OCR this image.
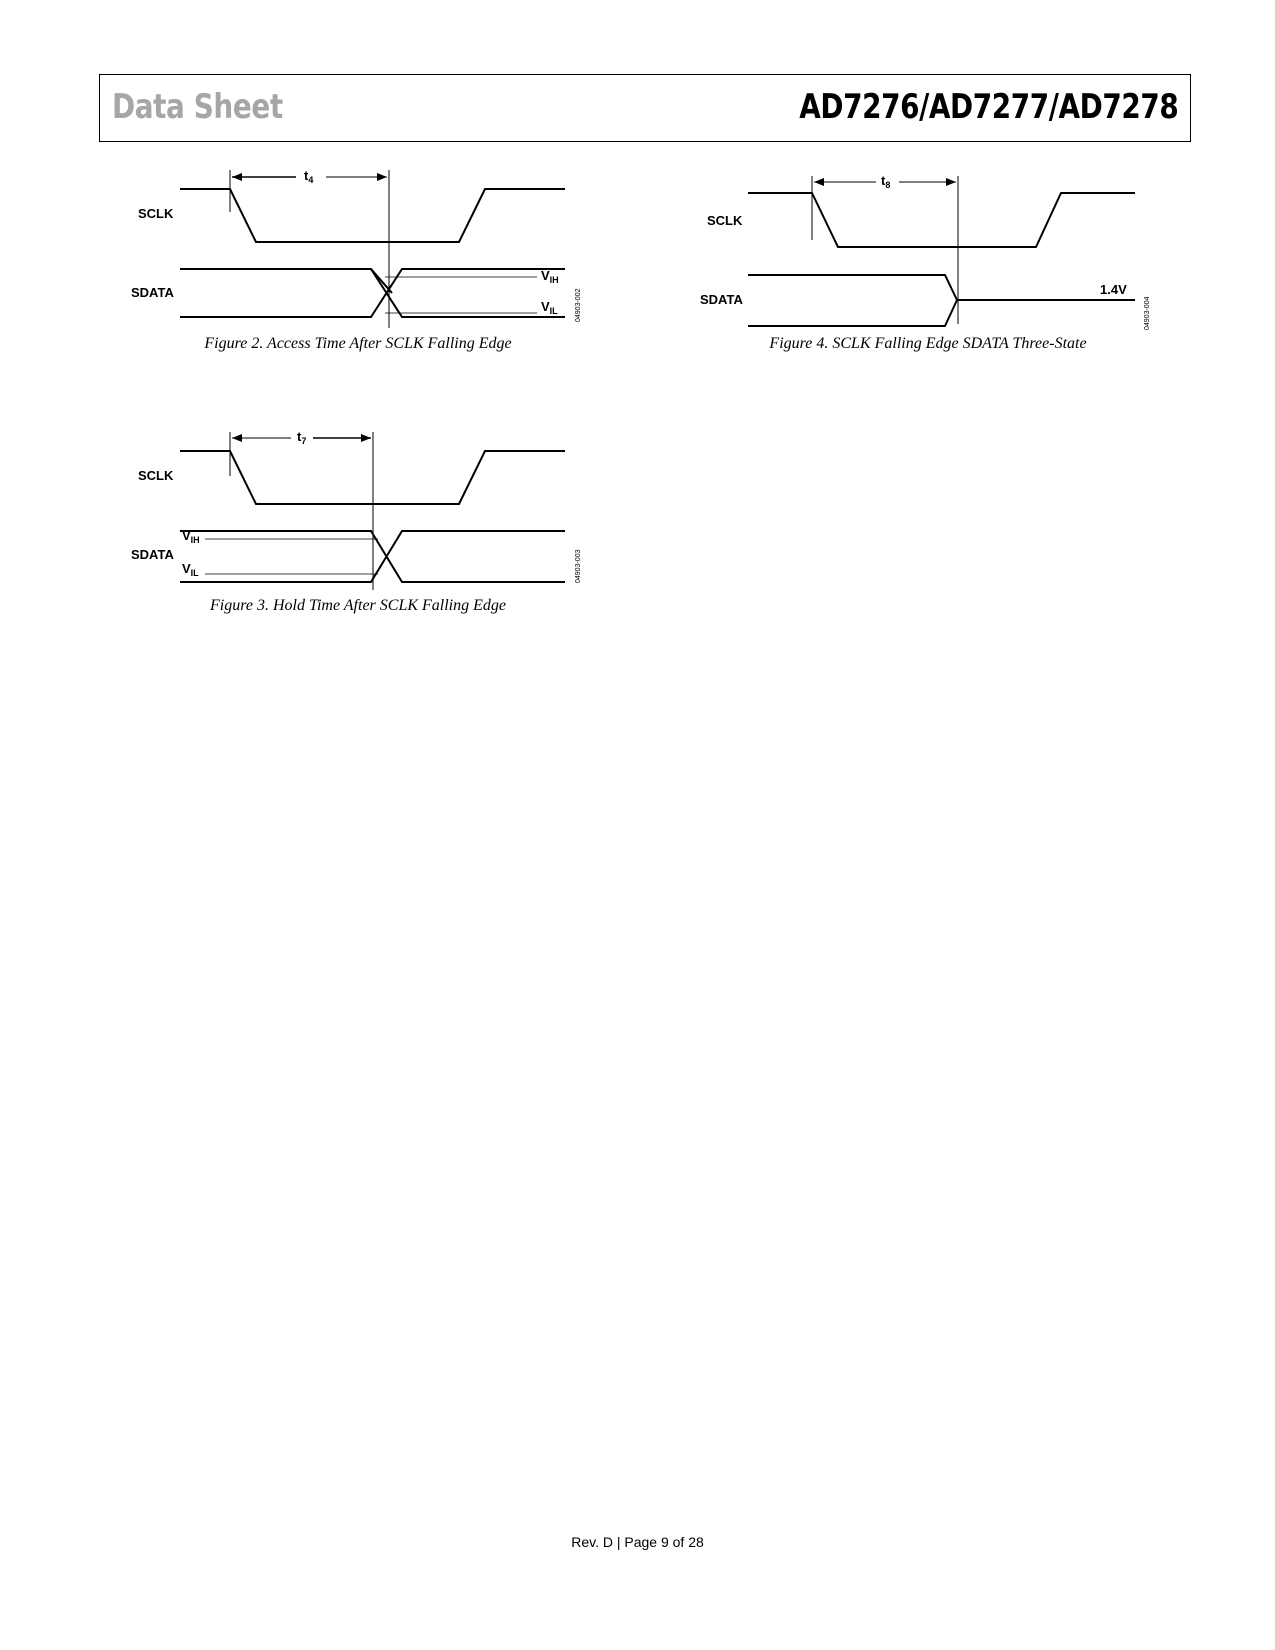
Data Sheet	AD7276/AD7277/AD7278
SCLK
SDATA
$t_4$
$V_{IH}$
$V_{IL}$ 04903-002
SCLK
SDATA
$t_7$
$V_{IH}$
$V_{IL}$	04903-003
SCLK
SDATA
$t_8$
1.4V
04903-004
Figure 2. Access Time After SCLK Falling Edge
Figure 3. Hold Time After SCLK Falling Edge
Figure 4. SCLK Falling Edge SDATA Three-State
Rev. D | Page 9 of 28
